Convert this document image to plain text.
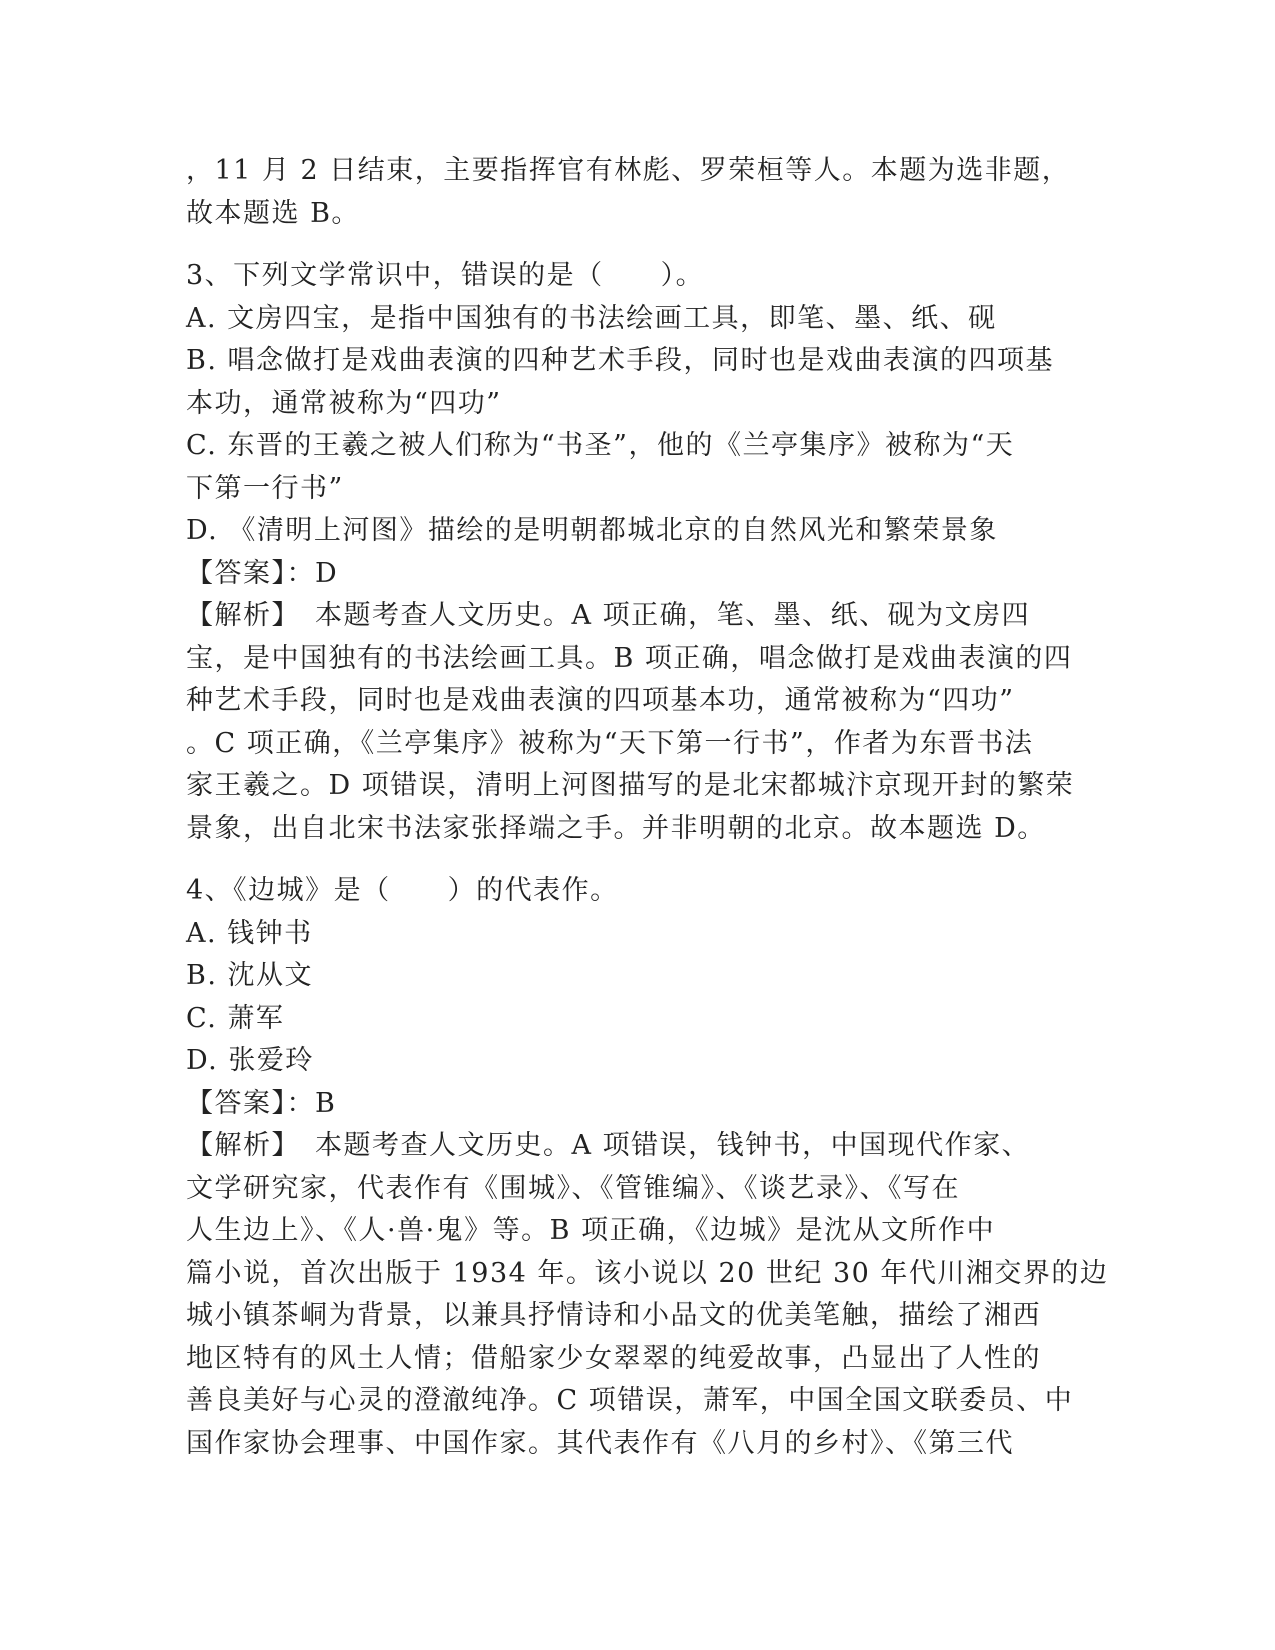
，11 月 2 日结束，主要指挥官有林彪、罗荣桓等人。本题为选非题，
故本题选 B。
3、下列文学常识中，错误的是（　　）。
A. 文房四宝，是指中国独有的书法绘画工具，即笔、墨、纸、砚
B. 唱念做打是戏曲表演的四种艺术手段，同时也是戏曲表演的四项基
本功，通常被称为“四功”
C. 东晋的王羲之被人们称为“书圣”，他的《兰亭集序》被称为“天
下第一行书”
D. 《清明上河图》描绘的是明朝都城北京的自然风光和繁荣景象
【答案】：D
【解析】　本题考查人文历史。A 项正确，笔、墨、纸、砚为文房四
宝，是中国独有的书法绘画工具。B 项正确，唱念做打是戏曲表演的四
种艺术手段，同时也是戏曲表演的四项基本功，通常被称为“四功”
。C 项正确，《兰亭集序》被称为“天下第一行书”，作者为东晋书法
家王羲之。D 项错误，清明上河图描写的是北宋都城汴京现开封的繁荣
景象，出自北宋书法家张择端之手。并非明朝的北京。故本题选 D。
4、《边城》是（　　）的代表作。
A. 钱钟书
B. 沈从文
C. 萧军
D. 张爱玲
【答案】：B
【解析】　本题考查人文历史。A 项错误，钱钟书，中国现代作家、
文学研究家，代表作有《围城》、《管锥编》、《谈艺录》、《写在
人生边上》、《人·兽·鬼》等。B 项正确，《边城》是沈从文所作中
篇小说，首次出版于 1934 年。该小说以 20 世纪 30 年代川湘交界的边
城小镇茶峒为背景，以兼具抒情诗和小品文的优美笔触，描绘了湘西
地区特有的风土人情；借船家少女翠翠的纯爱故事，凸显出了人性的
善良美好与心灵的澄澈纯净。C 项错误，萧军，中国全国文联委员、中
国作家协会理事、中国作家。其代表作有《八月的乡村》、《第三代
